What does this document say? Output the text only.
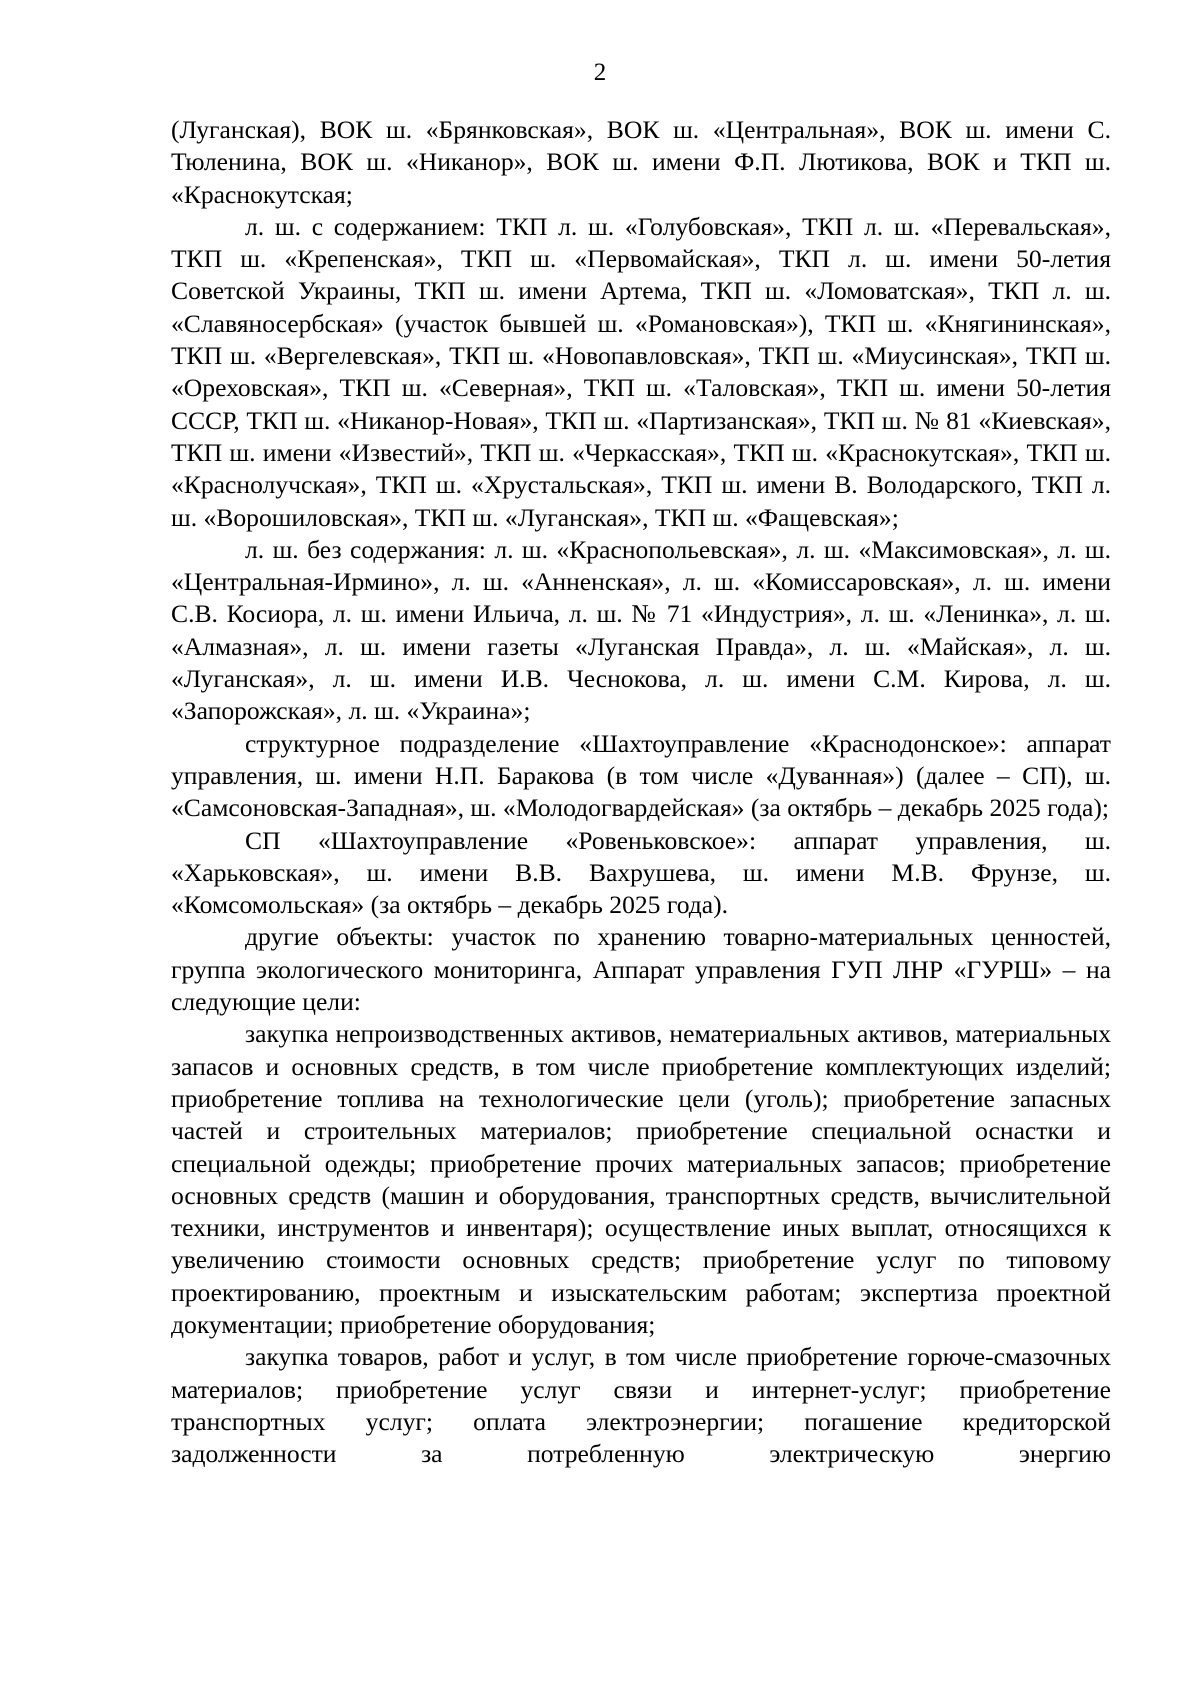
2

(Луганская), ВОК ш. «Брянковская», ВОК ш. «Центральная», ВОК ш. имени С. Тюленина, ВОК ш. «Никанор», ВОК ш. имени Ф.П. Лютикова, ВОК и ТКП ш. «Краснокутская;

л. ш. с содержанием: ТКП л. ш. «Голубовская», ТКП л. ш. «Перевальская», ТКП ш. «Крепенская», ТКП ш. «Первомайская», ТКП л. ш. имени 50-летия Советской Украины, ТКП ш. имени Артема, ТКП ш. «Ломоватская», ТКП л. ш. «Славяносербская» (участок бывшей ш. «Романовская»), ТКП ш. «Княгининская», ТКП ш. «Вергелевская», ТКП ш. «Новопавловская», ТКП ш. «Миусинская», ТКП ш. «Ореховская», ТКП ш. «Северная», ТКП ш. «Таловская», ТКП ш. имени 50-летия СССР, ТКП ш. «Никанор-Новая», ТКП ш. «Партизанская», ТКП ш. № 81 «Киевская», ТКП ш. имени «Известий», ТКП ш. «Черкасская», ТКП ш. «Краснокутская», ТКП ш. «Краснолучская», ТКП ш. «Хрустальская», ТКП ш. имени В. Володарского, ТКП л. ш. «Ворошиловская», ТКП ш. «Луганская», ТКП ш. «Фащевская»;

л. ш. без содержания: л. ш. «Краснопольевская», л. ш. «Максимовская», л. ш. «Центральная-Ирмино», л. ш. «Анненская», л. ш. «Комиссаровская», л. ш. имени С.В. Косиора, л. ш. имени Ильича, л. ш. № 71 «Индустрия», л. ш. «Ленинка», л. ш. «Алмазная», л. ш. имени газеты «Луганская Правда», л. ш. «Майская», л. ш. «Луганская», л. ш. имени И.В. Чеснокова, л. ш. имени С.М. Кирова, л. ш. «Запорожская», л. ш. «Украина»;

структурное подразделение «Шахтоуправление «Краснодонское»: аппарат управления, ш. имени Н.П. Баракова (в том числе «Дуванная») (далее – СП), ш. «Самсоновская-Западная», ш. «Молодогвардейская» (за октябрь – декабрь 2025 года);

СП «Шахтоуправление «Ровеньковское»: аппарат управления, ш. «Харьковская», ш. имени В.В. Вахрушева, ш. имени М.В. Фрунзе, ш. «Комсомольская» (за октябрь – декабрь 2025 года).

другие объекты: участок по хранению товарно-материальных ценностей, группа экологического мониторинга, Аппарат управления ГУП ЛНР «ГУРШ» – на следующие цели:

закупка непроизводственных активов, нематериальных активов, материальных запасов и основных средств, в том числе приобретение комплектующих изделий; приобретение топлива на технологические цели (уголь); приобретение запасных частей и строительных материалов; приобретение специальной оснастки и специальной одежды; приобретение прочих материальных запасов; приобретение основных средств (машин и оборудования, транспортных средств, вычислительной техники, инструментов и инвентаря); осуществление иных выплат, относящихся к увеличению стоимости основных средств; приобретение услуг по типовому проектированию, проектным и изыскательским работам; экспертиза проектной документации; приобретение оборудования;

закупка товаров, работ и услуг, в том числе приобретение горюче-смазочных материалов; приобретение услуг связи и интернет-услуг; приобретение транспортных услуг; оплата электроэнергии; погашение кредиторской задолженности за потребленную электрическую энергию
